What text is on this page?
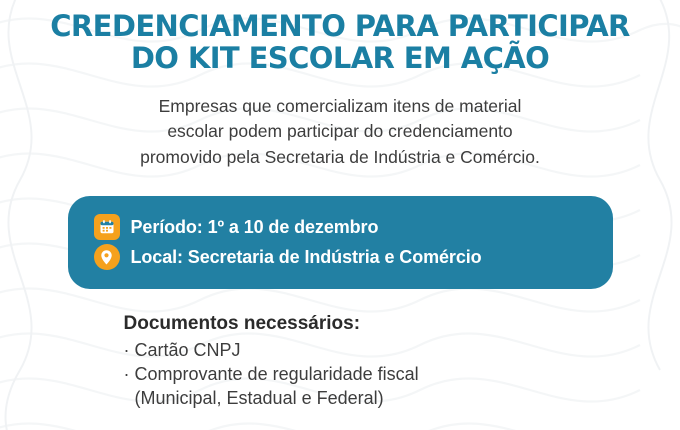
CREDENCIAMENTO PARA PARTICIPAR
DO KIT ESCOLAR EM AÇÃO
Empresas que comercializam itens de material
escolar podem participar do credenciamento
promovido pela Secretaria de Indústria e Comércio.
Período: 1º a 10 de dezembro
Local: Secretaria de Indústria e Comércio
Documentos necessários:
· Cartão CNPJ
· Comprovante de regularidade fiscal
(Municipal, Estadual e Federal)
